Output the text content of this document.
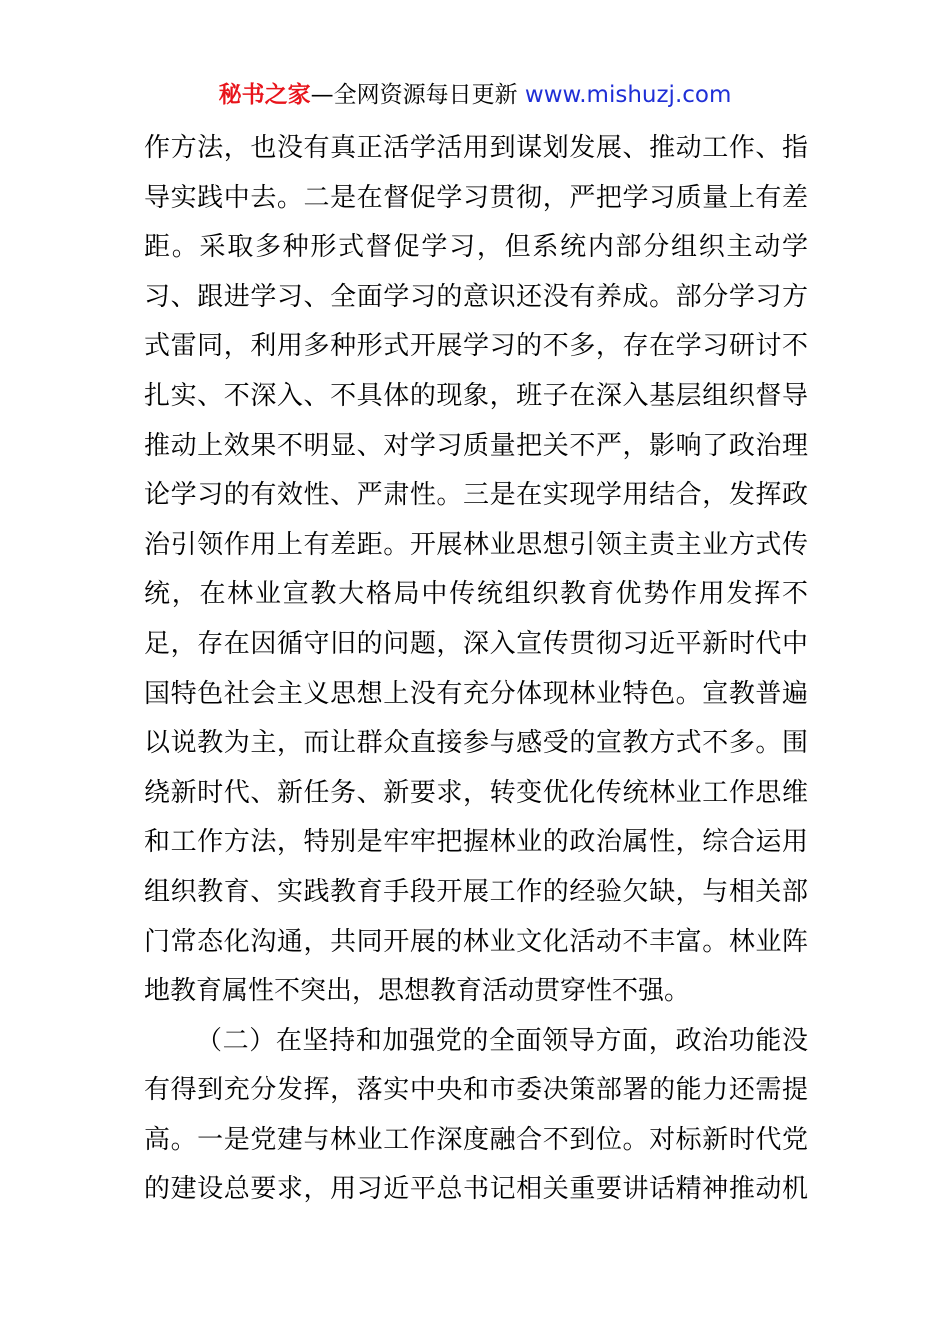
秘书之家—全网资源每日更新 www.mishuzj.com

作方法，也没有真正活学活用到谋划发展、推动工作、指
导实践中去。二是在督促学习贯彻，严把学习质量上有差
距。采取多种形式督促学习，但系统内部分组织主动学
习、跟进学习、全面学习的意识还没有养成。部分学习方
式雷同，利用多种形式开展学习的不多，存在学习研讨不
扎实、不深入、不具体的现象，班子在深入基层组织督导
推动上效果不明显、对学习质量把关不严，影响了政治理
论学习的有效性、严肃性。三是在实现学用结合，发挥政
治引领作用上有差距。开展林业思想引领主责主业方式传
统，在林业宣教大格局中传统组织教育优势作用发挥不
足，存在因循守旧的问题，深入宣传贯彻习近平新时代中
国特色社会主义思想上没有充分体现林业特色。宣教普遍
以说教为主，而让群众直接参与感受的宣教方式不多。围
绕新时代、新任务、新要求，转变优化传统林业工作思维
和工作方法，特别是牢牢把握林业的政治属性，综合运用
组织教育、实践教育手段开展工作的经验欠缺，与相关部
门常态化沟通，共同开展的林业文化活动不丰富。林业阵
地教育属性不突出，思想教育活动贯穿性不强。

（二）在坚持和加强党的全面领导方面，政治功能没
有得到充分发挥，落实中央和市委决策部署的能力还需提
高。一是党建与林业工作深度融合不到位。对标新时代党
的建设总要求，用习近平总书记相关重要讲话精神推动机
